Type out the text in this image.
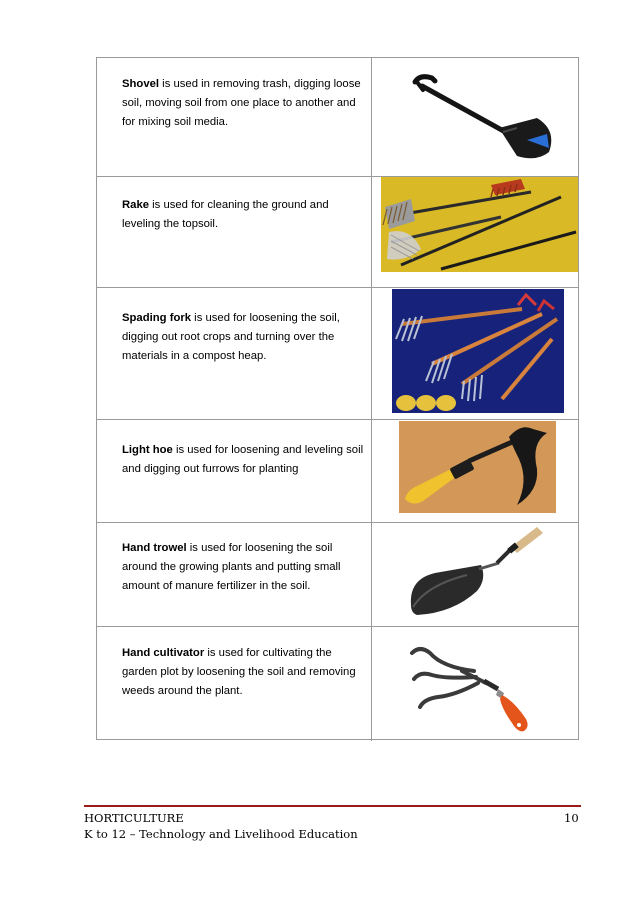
Shovel is used in removing trash, digging loose soil, moving soil from one place to another and for mixing soil media.

Rake is used for cleaning the ground and leveling the topsoil.

Spading fork is used for loosening the soil, digging out root crops and turning over the materials in a compost heap.

Light hoe is used for loosening and leveling soil and digging out furrows for planting

Hand trowel is used for loosening the soil around the growing plants and putting small amount of manure fertilizer in the soil.

Hand cultivator is used for cultivating the garden plot by loosening the soil and removing weeds around the plant.

HORTICULTURE
K to 12 – Technology and Livelihood Education
10
